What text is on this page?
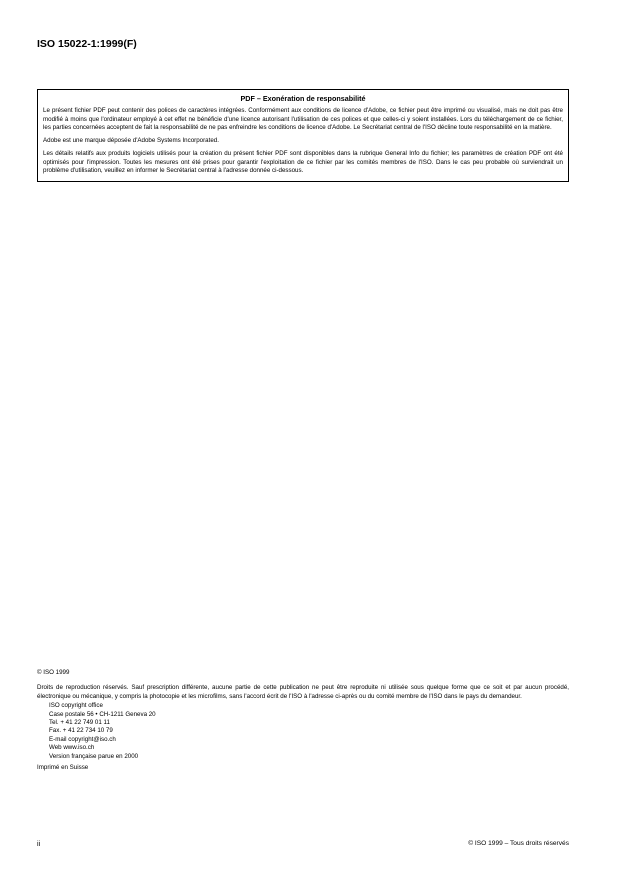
ISO 15022-1:1999(F)
PDF – Exonération de responsabilité

Le présent fichier PDF peut contenir des polices de caractères intégrées. Conformément aux conditions de licence d'Adobe, ce fichier peut être imprimé ou visualisé, mais ne doit pas être modifié à moins que l'ordinateur employé à cet effet ne bénéficie d'une licence autorisant l'utilisation de ces polices et que celles-ci y soient installées. Lors du téléchargement de ce fichier, les parties concernées acceptent de fait la responsabilité de ne pas enfreindre les conditions de licence d'Adobe. Le Secrétariat central de l'ISO décline toute responsabilité en la matière.

Adobe est une marque déposée d'Adobe Systems Incorporated.

Les détails relatifs aux produits logiciels utilisés pour la création du présent fichier PDF sont disponibles dans la rubrique General Info du fichier; les paramètres de création PDF ont été optimisés pour l'impression. Toutes les mesures ont été prises pour garantir l'exploitation de ce fichier par les comités membres de l'ISO. Dans le cas peu probable où surviendrait un problème d'utilisation, veuillez en informer le Secrétariat central à l'adresse donnée ci-dessous.

© ISO 1999

Droits de reproduction réservés. Sauf prescription différente, aucune partie de cette publication ne peut être reproduite ni utilisée sous quelque forme que ce soit et par aucun procédé, électronique ou mécanique, y compris la photocopie et les microfilms, sans l'accord écrit de l'ISO à l'adresse ci-après ou du comité membre de l'ISO dans le pays du demandeur.

ISO copyright office
Case postale 56 • CH-1211 Geneva 20
Tel. + 41 22 749 01 11
Fax. + 41 22 734 10 79
E-mail copyright@iso.ch
Web www.iso.ch
Version française parue en 2000

Imprimé en Suisse

ii	© ISO 1999 – Tous droits réservés
